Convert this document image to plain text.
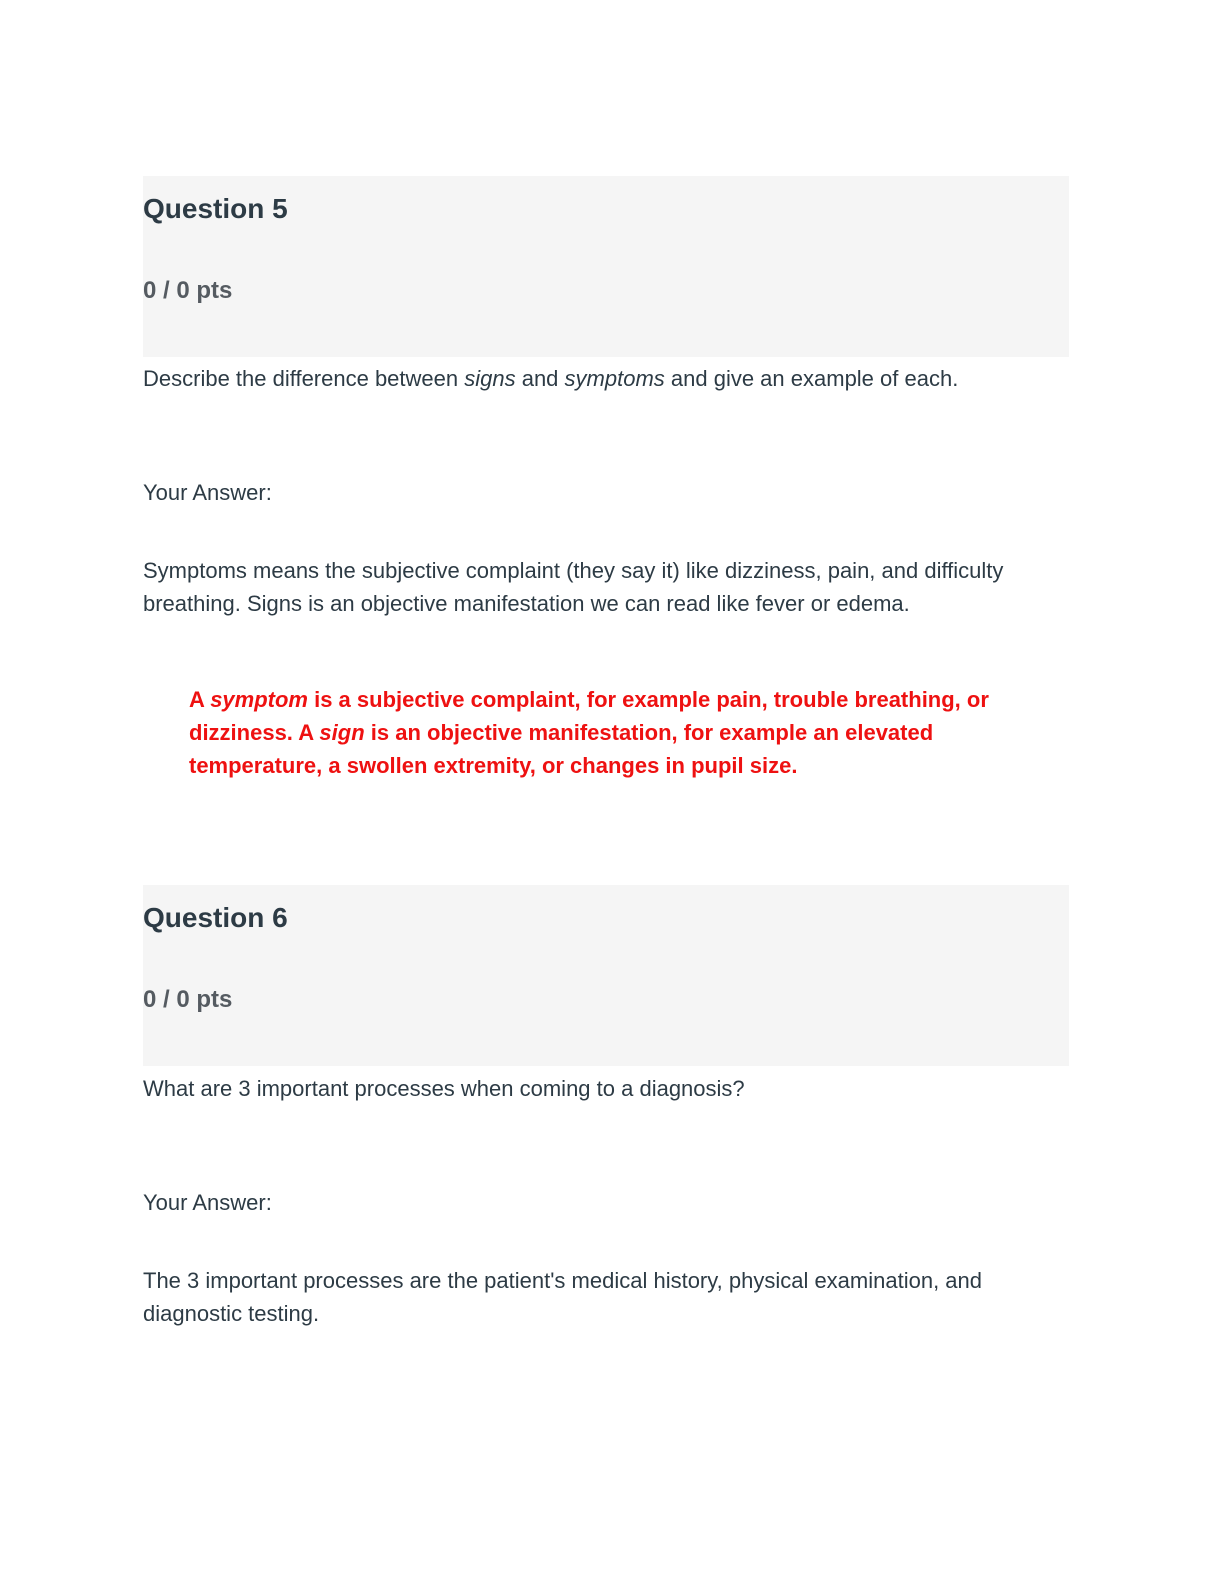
Question 5
0 / 0 pts

Describe the difference between signs and symptoms and give an example of each.

Your Answer:

Symptoms means the subjective complaint (they say it) like dizziness, pain, and difficulty breathing. Signs is an objective manifestation we can read like fever or edema.

A symptom is a subjective complaint, for example pain, trouble breathing, or dizziness. A sign is an objective manifestation, for example an elevated temperature, a swollen extremity, or changes in pupil size.

Question 6
0 / 0 pts

What are 3 important processes when coming to a diagnosis?

Your Answer:

The 3 important processes are the patient's medical history, physical examination, and diagnostic testing.
